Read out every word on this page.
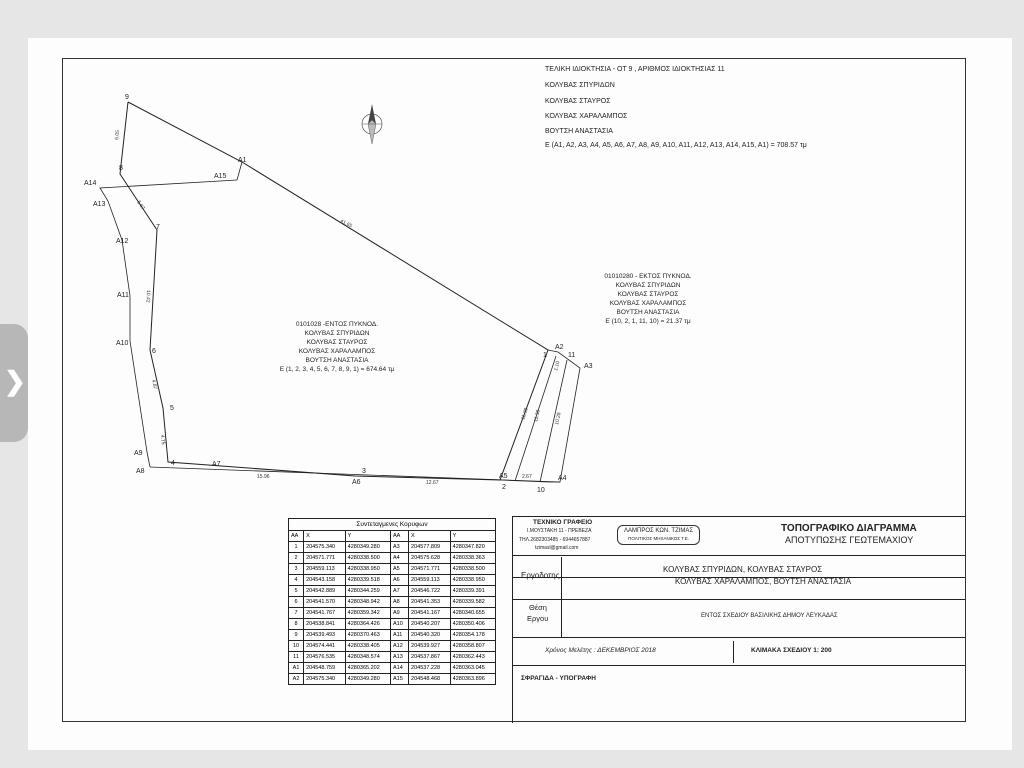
9
8
7
6
5
4
3
2
1
10
11
A1
A2
A3
A4
A5
A6
A7
A8
A9
A10
A11
A12
A13
A14
A15
6.05
41.65
5.67
10.42
4.87
4.75
15.96
12.67
2.67
11.38 11.38 10.28
1.10
ΤΕΛΙΚΗ ΙΔΙΟΚΤΗΣΙΑ - ΟΤ 9 , ΑΡΙΘΜΟΣ ΙΔΙΟΚΤΗΣΙΑΣ 11
ΚΟΛΥΒΑΣ ΣΠΥΡΙΔΩΝ
ΚΟΛΥΒΑΣ ΣΤΑΥΡΟΣ
ΚΟΛΥΒΑΣ ΧΑΡΑΛΑΜΠΟΣ
ΒΟΥΤΣΗ ΑΝΑΣΤΑΣΙΑ
Ε (Α1, Α2, Α3, Α4, Α5, Α6, Α7, Α8, Α9, Α10, Α11, Α12, Α13, Α14, Α15, Α1) = 708.57 τμ
0101028 -ΕΝΤΟΣ ΠΥΚΝΟΔ.
ΚΟΛΥΒΑΣ ΣΠΥΡΙΔΩΝ
ΚΟΛΥΒΑΣ ΣΤΑΥΡΟΣ
ΚΟΛΥΒΑΣ ΧΑΡΑΛΑΜΠΟΣ
ΒΟΥΤΣΗ ΑΝΑΣΤΑΣΙΑ
Ε (1, 2, 3, 4, 5, 6, 7, 8, 9, 1) = 674.64 τμ
01010280 - ΕΚΤΟΣ ΠΥΚΝΟΔ.
ΚΟΛΥΒΑΣ ΣΠΥΡΙΔΩΝ
ΚΟΛΥΒΑΣ ΣΤΑΥΡΟΣ
ΚΟΛΥΒΑΣ ΧΑΡΑΛΑΜΠΟΣ
ΒΟΥΤΣΗ ΑΝΑΣΤΑΣΙΑ
Ε (10, 2, 1, 11, 10) = 21.37 τμ
Συντεταγμενες Κορυφων					
ΑΑ	X	Y	ΑΑ	X	Y
1	204575.340	4280349.280	A3	204577.809	4280347.820
2	204571.771	4280338.500	A4	204575.628	4280338.363
3	204559.113	4280338.950	A5	204571.771	4280338.500
4	204543.158	4280339.518	A6	204559.113	4280338.950
5	204542.889	4280344.259	A7	204546.722	4280339.391
6	204541.570	4280348.942	A8	204541.353	4280339.582
7	204541.767	4280359.342	A9	204541.167	4280340.655
8	204538.841	4280364.426	A10	204540.207	4280350.406
9	204539.493	4280370.463	A11	204540.320	4280354.178
10	204574.441	4280338.405	A12	204539.927	4280358.807
11	204576.535	4280348.574	A13	204537.867	4280362.443
A1	204548.759	4280365.202	A14	204537.228	4280363.045
A2	204575.340	4280349.280	A15	204548.468	4280363.896
ΤΕΧΝΙΚΟ ΓΡΑΦΕΙΟ
Ι.ΜΟΥΣΤΑΚΗ 11 - ΠΡΕΒΕΖΑ
ΤΗΛ.2682303485 - 6944657887
tzimasl@gmail.com
ΛΑΜΠΡΟΣ ΚΩΝ. ΤΖΙΜΑΣ
ΠΟΛΙΤΙΚΟΣ ΜΗΧΑΝΙΚΟΣ Τ.Ε.
ΤΟΠΟΓΡΑΦΙΚΟ ΔΙΑΓΡΑΜΜΑ
ΑΠΟΤΥΠΩΣΗΣ ΓΕΩΤΕΜΑΧΙΟΥ
Εργοδοτης
ΚΟΛΥΒΑΣ ΣΠΥΡΙΔΩΝ, ΚΟΛΥΒΑΣ ΣΤΑΥΡΟΣ
ΚΟΛΥΒΑΣ ΧΑΡΑΛΑΜΠΟΣ, ΒΟΥΤΣΗ ΑΝΑΣΤΑΣΙΑ
Θέση
Εργου	ΕΝΤΟΣ ΣΧΕΔΙΟΥ ΒΑΣΙΛΙΚΗΣ ΔΗΜΟΥ ΛΕΥΚΑΔΑΣ
Χρόνος Μελέτης : ΔΕΚΕΜΒΡΙΟΣ 2018	ΚΛΙΜΑΚΑ ΣΧΕΔΙΟΥ 1: 200
ΣΦΡΑΓΙΔΑ - ΥΠΟΓΡΑΦΗ
❯
